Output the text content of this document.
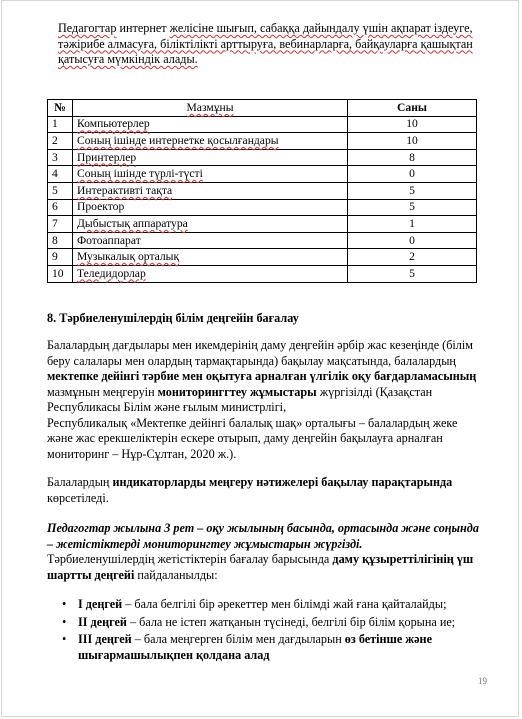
Педагогтар интернет желісіне шығып, сабаққа дайындалу үшін ақпарат іздеуге, тәжірибе алмасуға, біліктілікті арттыруға, вебинарларға, байқауларға қашықтан қатысуға мүмкіндік алады.
№	Мазмұны	Саны
1	Компьютерлер	10
2	Соның ішінде интернетке қосылғандары	10
3	Принтерлер	8
4	Соның ішінде түрлі-түсті	0
5	Интерактивті тақта	5
6	Проектор	5
7	Дыбыстық аппаратура	1
8	Фотоаппарат	0
9	Музыкалық орталық	2
10	Теледидорлар	5
8. Тәрбиеленушілердің білім деңгейін бағалау
Балалардың дағдылары мен икемдерінің даму деңгейін әрбір жас кезеңінде (білім беру салалары мен олардың тармақтарында) бақылау мақсатында, балалардың мектепке дейінгі тәрбие мен оқытуға арналған үлгілік оқу бағдарламасының мазмұнын меңгеруін мониторинггтеу жұмыстары жүргізілді (Қазақстан Республикасы Білім және ғылым министрлігі,
Республикалық «Мектепке дейінгі балалық шақ» орталығы – балалардың жеке және жас ерекшеліктерін ескере отырып, даму деңгейін бақылауға арналған мониторинг – Нұр-Сұлтан, 2020 ж.).
Балалардың индикаторларды меңгеру нәтижелері бақылау парақтарында көрсетіледі.
Педагогтар жылына 3 рет – оқу жылының басында, ортасында және соңында – жетістіктерді мониторингтеу жұмыстарын жүргізді.
Тәрбиеленушілердің жетістіктерін бағалау барысында даму құзыреттілігінің үш шартты деңгейі пайдаланылды:
• I деңгей – бала белгілі бір әрекеттер мен білімді жай ғана қайталайды;
• II деңгей – бала не істеп жатқанын түсінеді, белгілі бір білім қорына ие;
• III деңгей – бала меңгерген білім мен дағдыларын өз бетінше және шығармашылықпен қолдана алад
19
